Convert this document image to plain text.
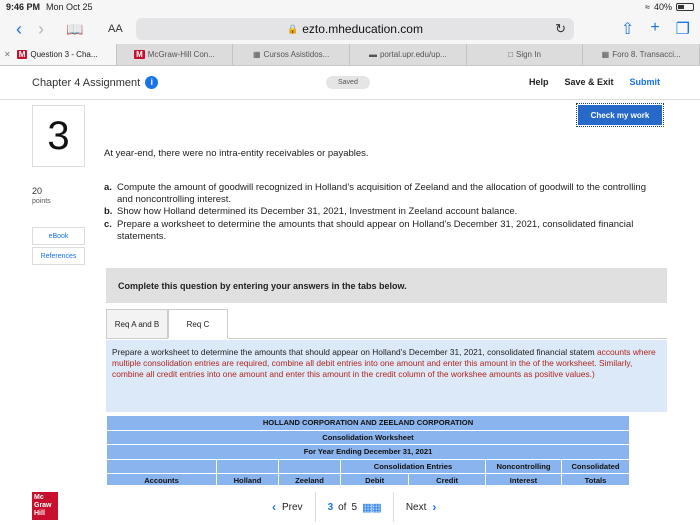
9:46 PM Mon Oct 25	≈ 40%
‹ ›	📖 AA	🔒 ezto.mheducation.com	↻	⇧ + ❐
✕ M Question 3 - Cha...	M McGraw-Hill Con...	▦ Cursos Asistidos...	▬ portal.upr.edu/up...	□ Sign In	▦ Foro 8. Transacci...
Chapter 4 Assignment	i	Saved	Help Save & Exit Submit
Check my work
3
20
points
eBook
References
At year-end, there were no intra-entity receivables or payables.
a. Compute the amount of goodwill recognized in Holland’s acquisition of Zeeland and the allocation of goodwill to the controlling and noncontrolling interest.
b. Show how Holland determined its December 31, 2021, Investment in Zeeland account balance.
c. Prepare a worksheet to determine the amounts that should appear on Holland’s December 31, 2021, consolidated financial statements.
Complete this question by entering your answers in the tabs below.
Req A and B	Req C
Prepare a worksheet to determine the amounts that should appear on Holland’s December 31, 2021, consolidated financial statem accounts where multiple consolidation entries are required, combine all debit entries into one amount and enter this amount in the of the worksheet. Similarly, combine all credit entries into one amount and enter this amount in the credit column of the workshee amounts as positive values.)
HOLLAND CORPORATION AND ZEELAND CORPORATION						
Consolidation Worksheet						
For Year Ending December 31, 2021						
			Consolidation Entries		Noncontrolling	Consolidated
Accounts	Holland	Zeeland	Debit	Credit	Interest	Totals
Mc
Graw
Hill	‹ Prev	3 of 5 ▦▦	Next ›
